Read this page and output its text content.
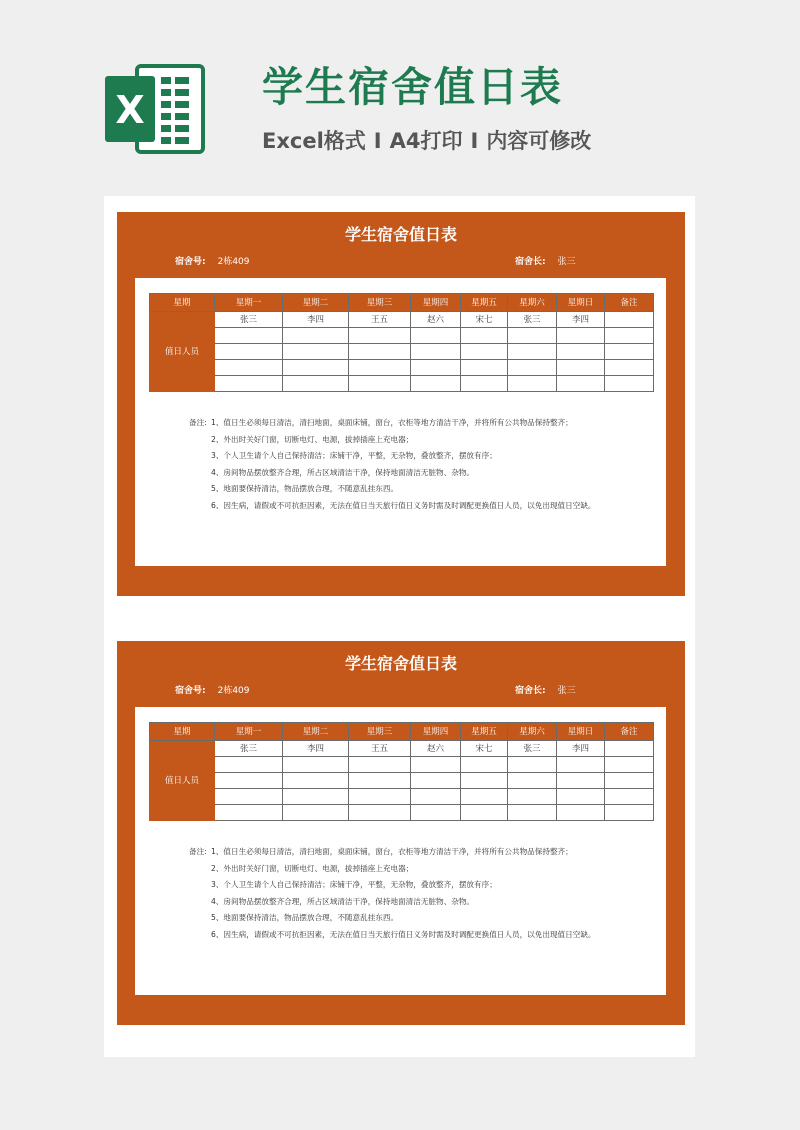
X	学生宿舍值日表
Excel格式 I A4打印 I 内容可修改
学生宿舍值日表
宿舍号: 2栋409	宿舍长: 张三
星期	星期一	星期二	星期三	星期四	星期五	星期六	星期日	备注
值日人员	张三	李四	王五	赵六	宋七	张三	李四	

备注: 1、值日生必须每日清洁，清扫地面，桌面床铺，窗台，衣柜等地方清洁干净，并将所有公共物品保持整齐；
2、外出时关好门窗，切断电灯、电源，拔掉插座上充电器；
3、个人卫生请个人自己保持清洁；床铺干净，平整，无杂物，叠放整齐，摆放有序；
4、房间物品摆放整齐合理，所占区域清洁干净，保持地面清洁无脏物、杂物。
5、地面要保持清洁，物品摆放合理，不随意乱挂东西。
6、因生病，请假或不可抗拒因素，无法在值日当天旅行值日义务时需及时调配更换值日人员，以免出现值日空缺。
学生宿舍值日表
宿舍号: 2栋409	宿舍长: 张三
星期	星期一	星期二	星期三	星期四	星期五	星期六	星期日	备注
值日人员	张三	李四	王五	赵六	宋七	张三	李四	

备注: 1、值日生必须每日清洁，清扫地面，桌面床铺，窗台，衣柜等地方清洁干净，并将所有公共物品保持整齐；
2、外出时关好门窗，切断电灯、电源，拔掉插座上充电器；
3、个人卫生请个人自己保持清洁；床铺干净，平整，无杂物，叠放整齐，摆放有序；
4、房间物品摆放整齐合理，所占区域清洁干净，保持地面清洁无脏物、杂物。
5、地面要保持清洁，物品摆放合理，不随意乱挂东西。
6、因生病，请假或不可抗拒因素，无法在值日当天旅行值日义务时需及时调配更换值日人员，以免出现值日空缺。
